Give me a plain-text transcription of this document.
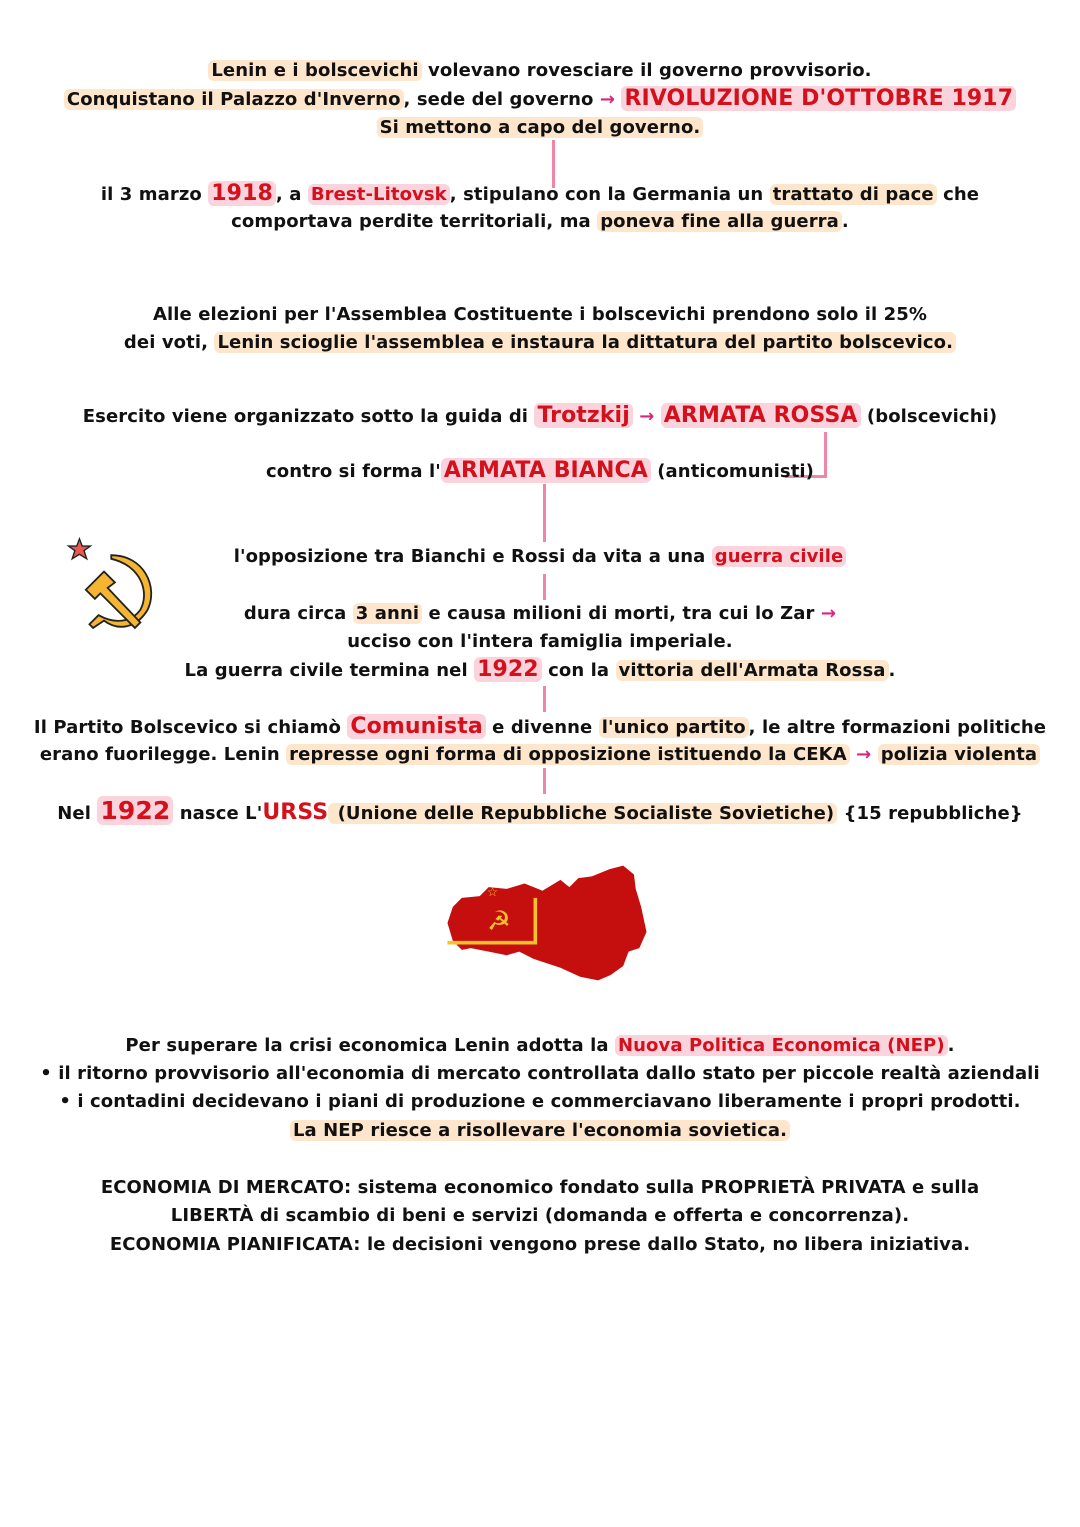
Lenin e i bolscevichi volevano rovesciare il governo provvisorio.
Conquistano il Palazzo d'Inverno , sede del governo → RIVOLUZIONE D'OTTOBRE 1917
Si mettono a capo del governo.
il 3 marzo 1918 , a Brest-Litovsk , stipulano con la Germania un trattato di pace che
comportava perdite territoriali, ma poneva fine alla guerra .
Alle elezioni per l'Assemblea Costituente i bolscevichi prendono solo il 25%
dei voti, Lenin scioglie l'assemblea e instaura la dittatura del partito bolscevico.
Esercito viene organizzato sotto la guida di Trotzkij → ARMATA ROSSA (bolscevichi)
contro si forma l' ARMATA BIANCA (anticomunisti)
l'opposizione tra Bianchi e Rossi da vita a una guerra civile
dura circa 3 anni e causa milioni di morti, tra cui lo Zar →
ucciso con l'intera famiglia imperiale.
La guerra civile termina nel 1922 con la vittoria dell'Armata Rossa .
Il Partito Bolscevico si chiamò Comunista e divenne l'unico partito , le altre formazioni politiche
erano fuorilegge. Lenin represse ogni forma di opposizione istituendo la CEKA → polizia violenta
Nel 1922 nasce L'URSS (Unione delle Repubbliche Socialiste Sovietiche) {15 repubbliche}
☭
☆
Per superare la crisi economica Lenin adotta la Nuova Politica Economica (NEP) .
• il ritorno provvisorio all'economia di mercato controllata dallo stato per piccole realtà aziendali
• i contadini decidevano i piani di produzione e commerciavano liberamente i propri prodotti.
La NEP riesce a risollevare l'economia sovietica.
ECONOMIA DI MERCATO: sistema economico fondato sulla PROPRIETÀ PRIVATA e sulla
LIBERTÀ di scambio di beni e servizi (domanda e offerta e concorrenza).
ECONOMIA PIANIFICATA: le decisioni vengono prese dallo Stato, no libera iniziativa.
